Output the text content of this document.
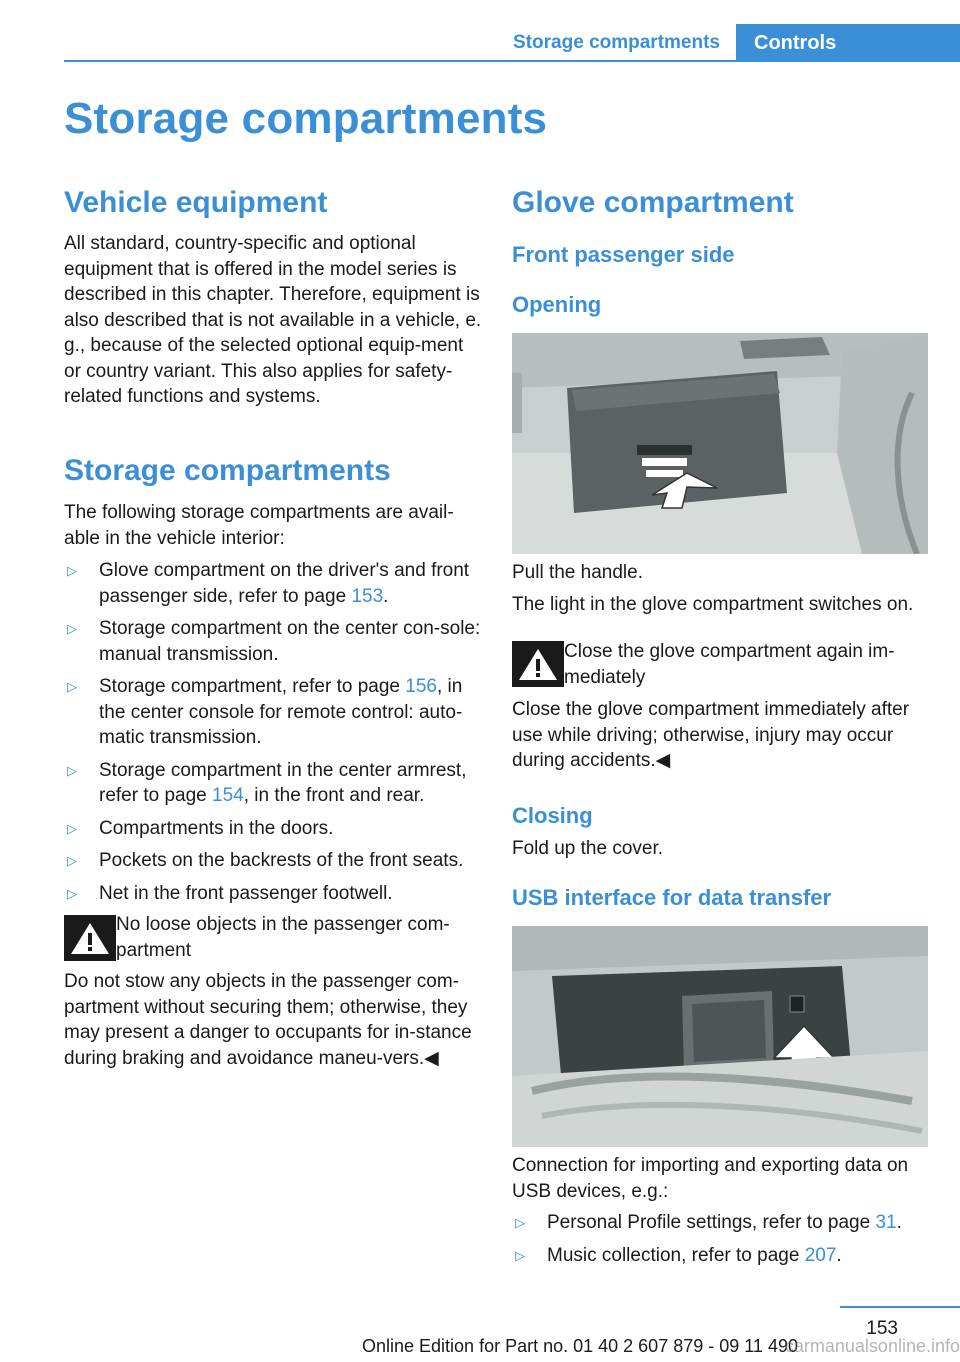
Storage compartments	Controls
Storage compartments
Vehicle equipment
All standard, country-specific and optional equipment that is offered in the model series is described in this chapter. Therefore, equipment is also described that is not available in a vehicle, e. g., because of the selected optional equip‐ment or country variant. This also applies for safety-related functions and systems.
Storage compartments
The following storage compartments are avail‐able in the vehicle interior:
▷ Glove compartment on the driver's and front passenger side, refer to page 153.
▷ Storage compartment on the center con‐sole: manual transmission.
▷ Storage compartment, refer to page 156, in the center console for remote control: auto‐matic transmission.
▷ Storage compartment in the center armrest, refer to page 154, in the front and rear.
▷ Compartments in the doors.
▷ Pockets on the backrests of the front seats.
▷ Net in the front passenger footwell.
No loose objects in the passenger com‐partment
Do not stow any objects in the passenger com‐partment without securing them; otherwise, they may present a danger to occupants for in‐stance during braking and avoidance maneu‐vers.◀
Glove compartment
Front passenger side
Opening
Pull the handle.
The light in the glove compartment switches on.
Close the glove compartment again im‐mediately
Close the glove compartment immediately after use while driving; otherwise, injury may occur during accidents.◀
Closing
Fold up the cover.
USB interface for data transfer
Connection for importing and exporting data on USB devices, e.g.:
▷ Personal Profile settings, refer to page 31.
▷ Music collection, refer to page 207.
153
Online Edition for Part no. 01 40 2 607 879 - 09 11 490
carmanualsonline.info
